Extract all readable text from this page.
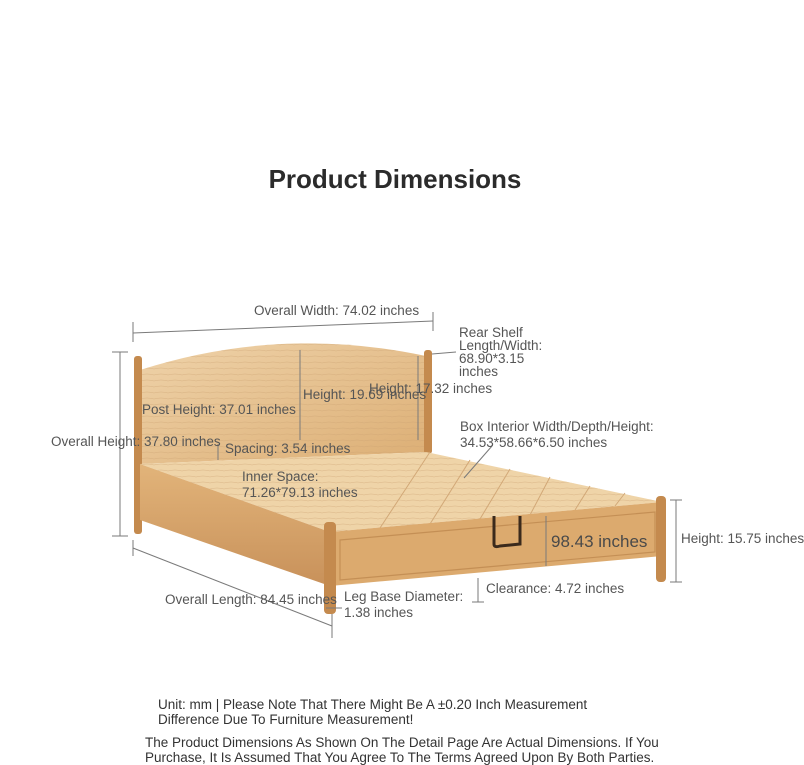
Product Dimensions
Overall Width: 74.02 inches
Rear Shelf Length/Width: 68.90*3.15 inches
Height: 17.32 inches
Height: 19.69 inches
Post Height: 37.01 inches
Overall Height: 37.80 inches Spacing: 3.54 inches
Box Interior Width/Depth/Height: 34.53*58.66*6.50 inches
Inner Space: 71.26*79.13 inches
98.43 inches Height: 15.75 inches
Clearance: 4.72 inches
Leg Base Diameter: 1.38 inches
Overall Length: 84.45 inches
Unit: mm | Please Note That There Might Be A ±0.20 Inch Measurement Difference Due To Furniture Measurement!
The Product Dimensions As Shown On The Detail Page Are Actual Dimensions. If You Purchase, It Is Assumed That You Agree To The Terms Agreed Upon By Both Parties.
